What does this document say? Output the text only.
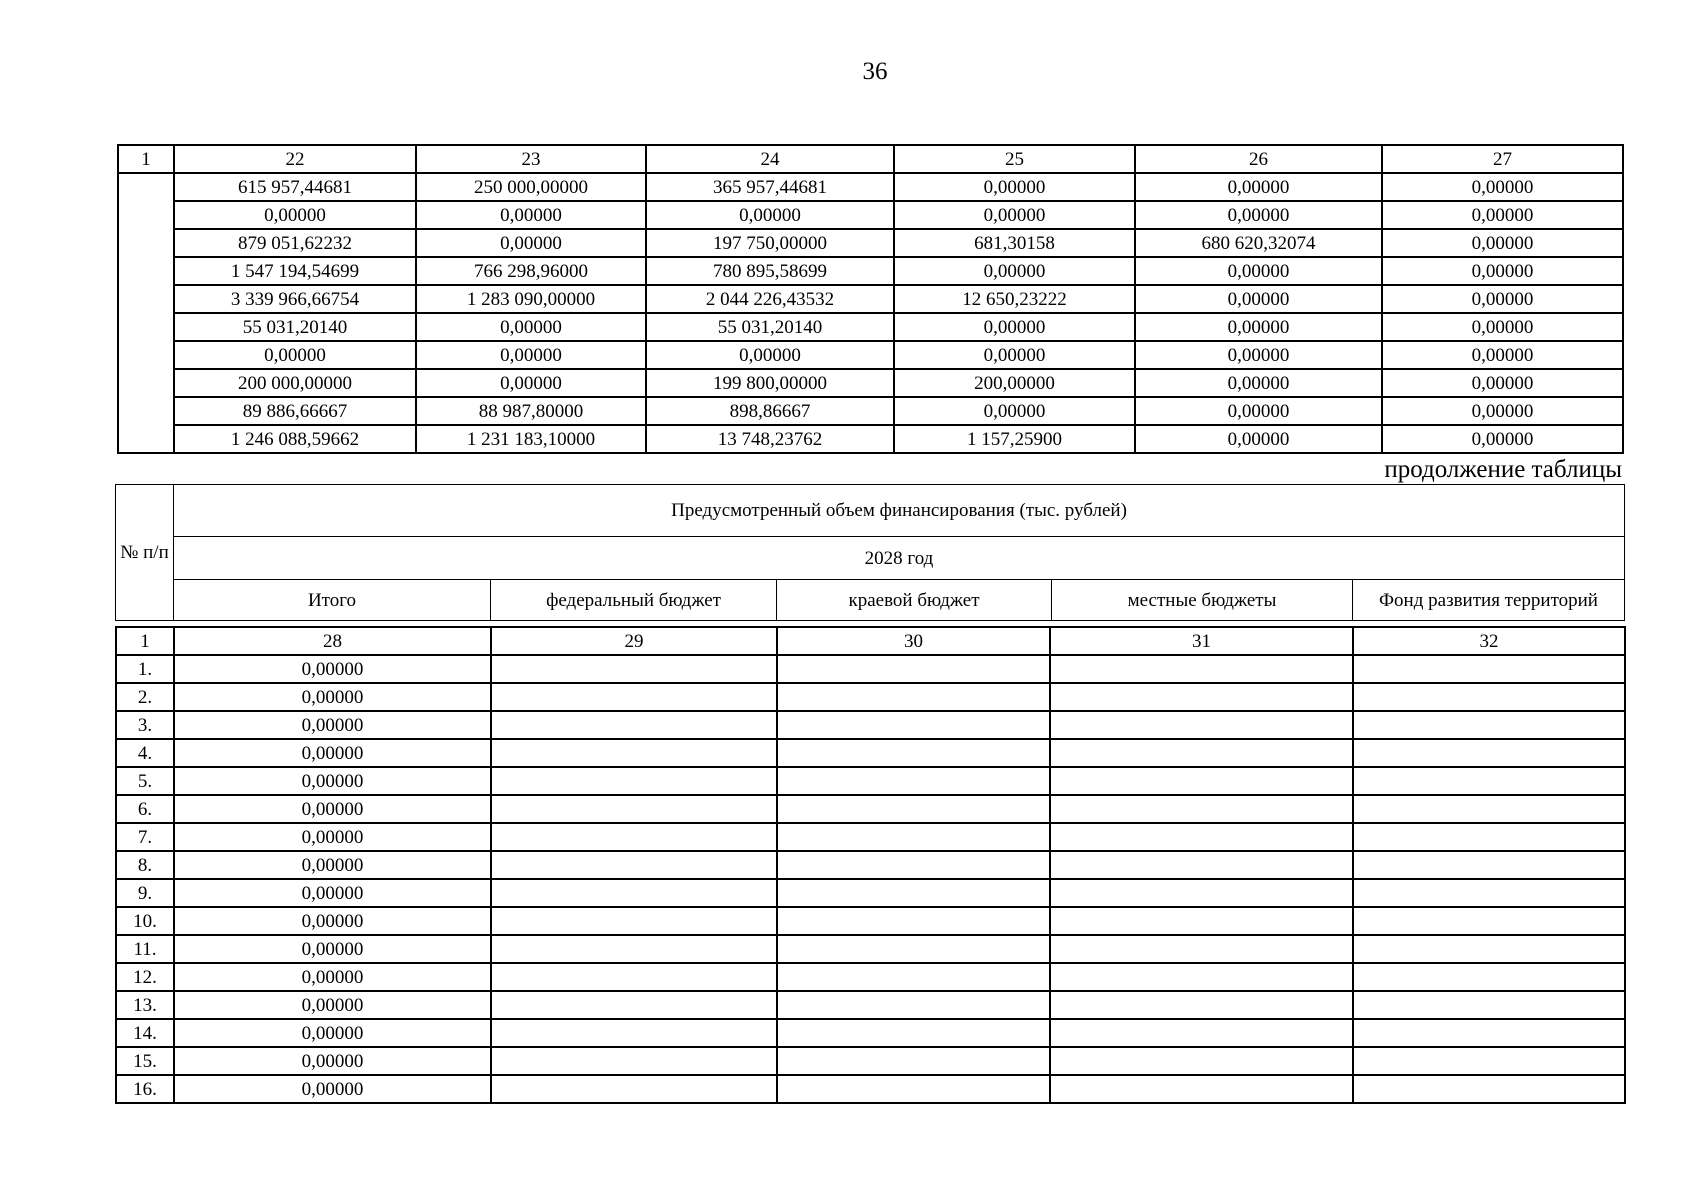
36
1	22	23	24	25	26	27
	615 957,44681	250 000,00000	365 957,44681	0,00000	0,00000	0,00000
	0,00000	0,00000	0,00000	0,00000	0,00000	0,00000
	879 051,62232	0,00000	197 750,00000	681,30158	680 620,32074	0,00000
	1 547 194,54699	766 298,96000	780 895,58699	0,00000	0,00000	0,00000
	3 339 966,66754	1 283 090,00000	2 044 226,43532	12 650,23222	0,00000	0,00000
	55 031,20140	0,00000	55 031,20140	0,00000	0,00000	0,00000
	0,00000	0,00000	0,00000	0,00000	0,00000	0,00000
	200 000,00000	0,00000	199 800,00000	200,00000	0,00000	0,00000
	89 886,66667	88 987,80000	898,86667	0,00000	0,00000	0,00000
	1 246 088,59662	1 231 183,10000	13 748,23762	1 157,25900	0,00000	0,00000
продолжение таблицы
№ п/п	Предусмотренный объем финансирования (тыс. рублей)				
	2028 год				
	Итого	федеральный бюджет	краевой бюджет	местные бюджеты	Фонд развития территорий
1	28	29	30	31	32
1.	0,00000				
2.	0,00000				
3.	0,00000				
4.	0,00000				
5.	0,00000				
6.	0,00000				
7.	0,00000				
8.	0,00000				
9.	0,00000				
10.	0,00000				
11.	0,00000				
12.	0,00000				
13.	0,00000				
14.	0,00000				
15.	0,00000				
16.	0,00000				
